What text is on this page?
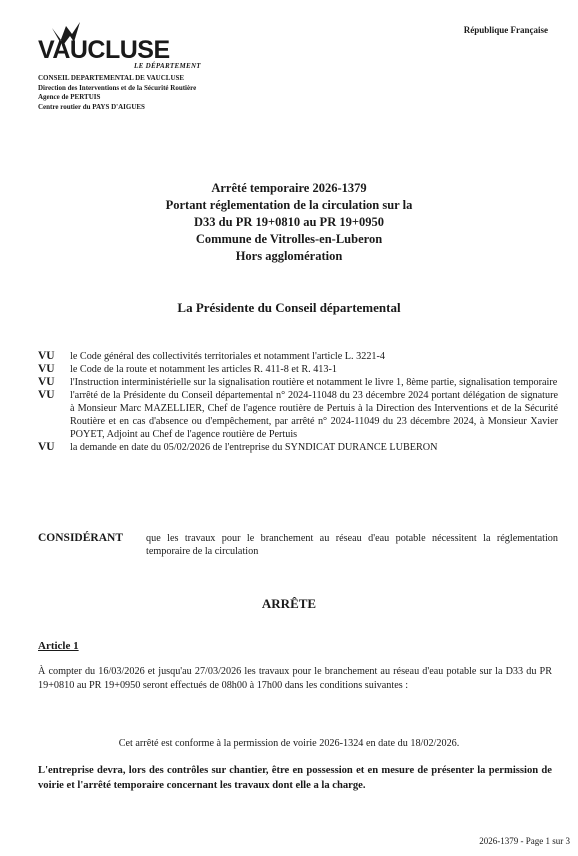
VAUCLUSE
LE DÉPARTEMENT
République Française
CONSEIL DEPARTEMENTAL DE VAUCLUSE
Direction des Interventions et de la Sécurité Routière
Agence de PERTUIS
Centre routier du PAYS D'AIGUES
Arrêté temporaire 2026-1379
Portant réglementation de la circulation sur la
D33 du PR 19+0810 au PR 19+0950
Commune de Vitrolles-en-Luberon
Hors agglomération
La Présidente du Conseil départemental
VU	le Code général des collectivités territoriales et notamment l'article L. 3221-4
VU	le Code de la route et notamment les articles R. 411-8 et R. 413-1
VU	l'Instruction interministérielle sur la signalisation routière et notamment le livre 1, 8ème partie, signalisation temporaire
VU	l'arrêté de la Présidente du Conseil départemental n° 2024-11048 du 23 décembre 2024 portant délégation de signature à Monsieur Marc MAZELLIER, Chef de l'agence routière de Pertuis à la Direction des Interventions et de la Sécurité Routière et en cas d'absence ou d'empêchement, par arrêté n° 2024-11049 du 23 décembre 2024, à Monsieur Xavier POYET, Adjoint au Chef de l'agence routière de Pertuis
VU	la demande en date du 05/02/2026 de l'entreprise du SYNDICAT DURANCE LUBERON
CONSIDÉRANT	que les travaux pour le branchement au réseau d'eau potable nécessitent la réglementation temporaire de la circulation
ARRÊTE
Article 1
À compter du 16/03/2026 et jusqu'au 27/03/2026 les travaux pour le branchement au réseau d'eau potable sur la D33 du PR 19+0810 au PR 19+0950 seront effectués de 08h00 à 17h00 dans les conditions suivantes :
Cet arrêté est conforme à la permission de voirie 2026-1324 en date du 18/02/2026.
L'entreprise devra, lors des contrôles sur chantier, être en possession et en mesure de présenter la permission de voirie et l'arrêté temporaire concernant les travaux dont elle a la charge.
2026-1379 - Page 1 sur 3
